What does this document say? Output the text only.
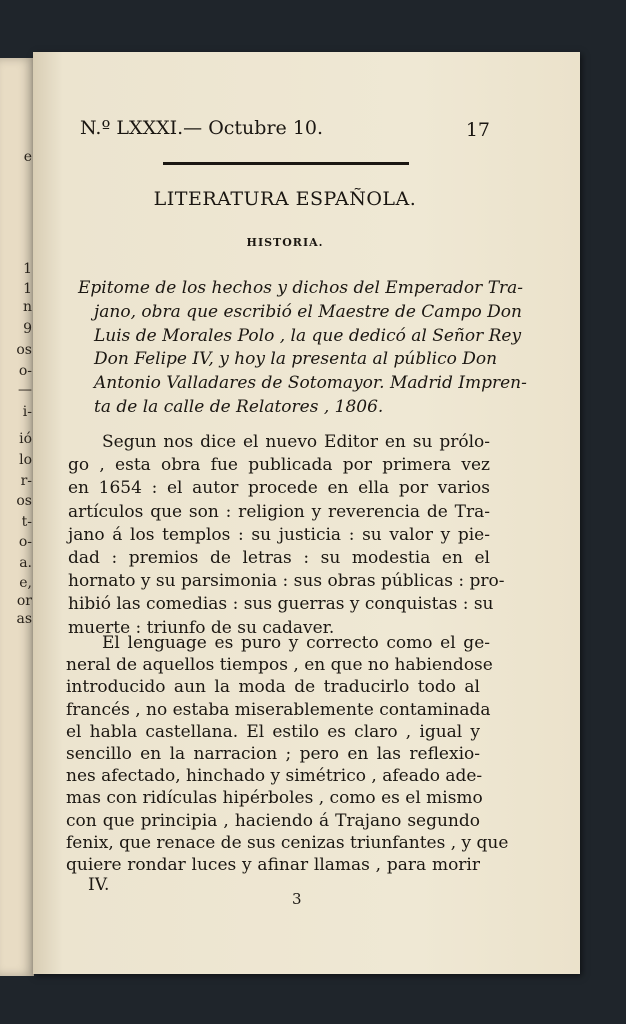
e
1
1
n
9
os
o-
—
i-
ió
lo
r-
os
t-
o-
a.
e,
or
as
N.º LXXXI.— Octubre 10.	17
LITERATURA ESPAÑOLA.
HISTORIA.
Epitome de los hechos y dichos del Emperador Tra-
jano, obra que escribió el Maestre de Campo Don
Luis de Morales Polo , la que dedicó al Señor Rey
Don Felipe IV, y hoy la presenta al público Don
Antonio Valladares de Sotomayor. Madrid Impren-
ta de la calle de Relatores , 1806.
Segun nos dice el nuevo Editor en su prólo-
go , esta obra fue publicada por primera vez
en 1654 : el autor procede en ella por varios
artículos que son : religion y reverencia de Tra-
jano á los templos : su justicia : su valor y pie-
dad : premios de letras : su modestia en el
hornato y su parsimonia : sus obras públicas : pro-
hibió las comedias : sus guerras y conquistas : su
muerte : triunfo de su cadaver.
El lenguage es puro y correcto como el ge-
neral de aquellos tiempos , en que no habiendose
introducido aun la moda de traducirlo todo al
francés , no estaba miserablemente contaminada
el habla castellana. El estilo es claro , igual y
sencillo en la narracion ; pero en las reflexio-
nes afectado, hinchado y simétrico , afeado ade-
mas con ridículas hipérboles , como es el mismo
con que principia , haciendo á Trajano segundo
fenix, que renace de sus cenizas triunfantes , y que
quiere rondar luces y afinar llamas , para morir
IV.
3
